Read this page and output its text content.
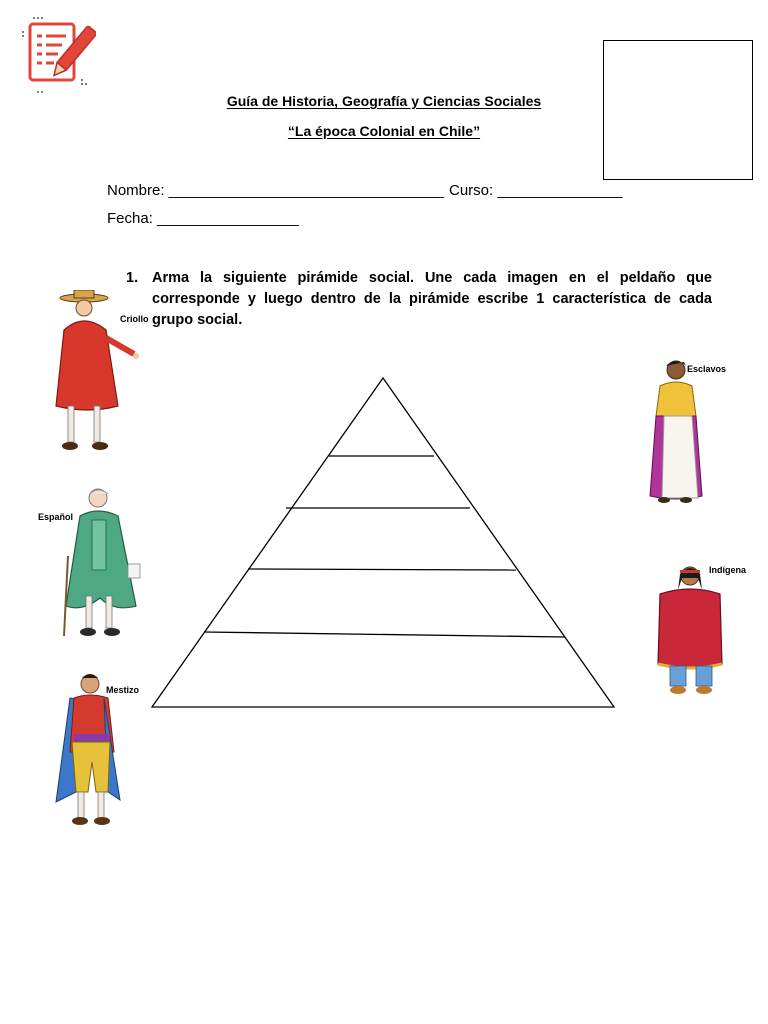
Guía de Historia, Geografía y Ciencias Sociales
“La época Colonial en Chile”
Nombre: _________________________________ Curso: _______________
Fecha: _________________
1. Arma la siguiente pirámide social. Une cada imagen en el peldaño que corresponde y luego dentro de la pirámide escribe 1 característica de cada grupo social.
Criollo
Español
Mestizo
Esclavos
Indígena
